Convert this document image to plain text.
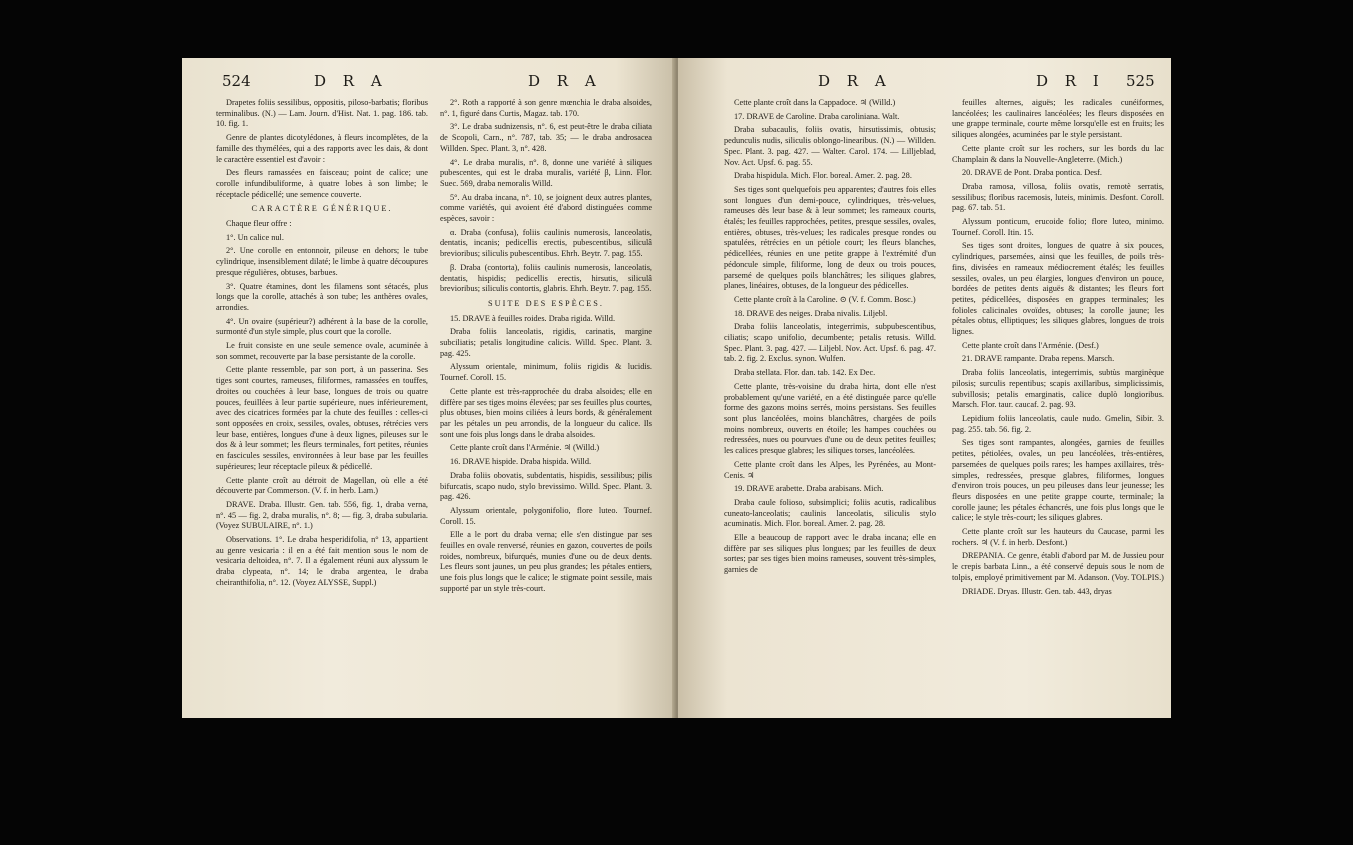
524	D R A	D R A

Drapetes foliis sessilibus, oppositis, piloso-barbatis; floribus terminalibus. (N.) — Lam. Journ. d'Hist. Nat. 1. pag. 186. tab. 10. fig. 1.

Genre de plantes dicotylédones, à fleurs incomplètes, de la famille des thymélées, qui a des rapports avec les dais, & dont le caractère essentiel est d'avoir :

Des fleurs ramassées en faisceau; point de calice; une corolle infundibuliforme, à quatre lobes à son limbe; le réceptacle pédicellé; une semence couverte.

CARACTÈRE GÉNÉRIQUE.

Chaque fleur offre :

1°. Un calice nul.

2°. Une corolle en entonnoir, pileuse en dehors; le tube cylindrique, insensiblement dilaté; le limbe à quatre découpures presque régulières, obtuses, barbues.

3°. Quatre étamines, dont les filamens sont sétacés, plus longs que la corolle, attachés à son tube; les anthères ovales, arrondies.

4°. Un ovaire (supérieur?) adhérent à la base de la corolle, surmonté d'un style simple, plus court que la corolle.

Le fruit consiste en une seule semence ovale, acuminée à son sommet, recouverte par la base persistante de la corolle.

Cette plante ressemble, par son port, à un passerina. Ses tiges sont courtes, rameuses, filiformes, ramassées en touffes, droites ou couchées à leur base, longues de trois ou quatre pouces, feuillées à leur partie supérieure, nues inférieurement, avec des cicatrices formées par la chute des feuilles : celles-ci sont opposées en croix, sessiles, ovales, obtuses, rétrécies vers leur base, entières, longues d'une à deux lignes, pileuses sur le dos & à leur sommet; les fleurs terminales, fort petites, réunies en fascicules sessiles, environnées à leur base par les feuilles supérieures; leur réceptacle pileux & pédicellé.

Cette plante croît au détroit de Magellan, où elle a été découverte par Commerson. (V. f. in herb. Lam.)

DRAVE. Draba. Illustr. Gen. tab. 556, fig. 1, draba verna, n°. 45 — fig. 2, draba muralis, n°. 8; — fig. 3, draba subularia. (Voyez SUBULAIRE, n°. 1.)

Observations. 1°. Le draba hesperidifolia, n° 13, appartient au genre vesicaria : il en a été fait mention sous le nom de vesicaria deltoidea, n°. 7. Il a également réuni aux alyssum le draba clypeata, n°. 14; le draba argentea, le draba cheiranthifolia, n°. 12. (Voyez ALYSSE, Suppl.)

2°. Roth a rapporté à son genre mœnchia le draba alsoides, n°. 1, figuré dans Curtis, Magaz. tab. 170.

3°. Le draba sudnizensis, n°. 6, est peut-être le draba ciliata de Scopoli, Carn., n°. 787, tab. 35; — le draba androsacea Willden. Spec. Plant. 3, n°. 428.

4°. Le draba muralis, n°. 8, donne une variété à siliques pubescentes, qui est le draba muralis, variété β, Linn. Flor. Suec. 569, draba nemoralis Willd.

5°. Au draba incana, n°. 10, se joignent deux autres plantes, comme variétés, qui avoient été d'abord distinguées comme espèces, savoir :

α. Draba (confusa), foliis caulinis numerosis, lanceolatis, dentatis, incanis; pedicellis erectis, pubescentibus, siliculâ brevioribus; siliculis pubescentibus. Ehrh. Beytr. 7. pag. 155.

β. Draba (contorta), foliis caulinis numerosis, lanceolatis, dentatis, hispidis; pedicellis erectis, hirsutis, siliculâ brevioribus; siliculis contortis, glabris. Ehrh. Beytr. 7. pag. 155.

SUITE DES ESPÈCES.

15. DRAVE à feuilles roides. Draba rigida. Willd.

Draba foliis lanceolatis, rigidis, carinatis, margine subciliatis; petalis longitudine calicis. Willd. Spec. Plant. 3. pag. 425.

Alyssum orientale, minimum, foliis rigidis & lucidis. Tournef. Coroll. 15.

Cette plante est très-rapprochée du draba alsoides; elle en diffère par ses tiges moins élevées; par ses feuilles plus courtes, plus obtuses, bien moins ciliées à leurs bords, & généralement par les pétales un peu arrondis, de la longueur du calice. Ils sont une fois plus longs dans le draba alsoides.

Cette plante croît dans l'Arménie. ♃ (Willd.)

16. DRAVE hispide. Draba hispida. Willd.

Draba foliis obovatis, subdentatis, hispidis, sessilibus; pilis bifurcatis, scapo nudo, stylo brevissimo. Willd. Spec. Plant. 3. pag. 426.

Alyssum orientale, polygonifolio, flore luteo. Tournef. Coroll. 15.

Elle a le port du draba verna; elle s'en distingue par ses feuilles en ovale renversé, réunies en gazon, couvertes de poils roides, nombreux, bifurqués, munies d'une ou de deux dents. Les fleurs sont jaunes, un peu plus grandes; les pétales entiers, une fois plus longs que le calice; le stigmate point sessile, mais supporté par un style très-court.

D R A	D R I 525

Cette plante croît dans la Cappadoce. ♃ (Willd.)

17. DRAVE de Caroline. Draba caroliniana. Walt.

Draba subacaulis, foliis ovatis, hirsutissimis, obtusis; pedunculis nudis, siliculis oblongo-linearibus. (N.) — Willden. Spec. Plant. 3. pag. 427. — Walter. Carol. 174. — Lilljeblad, Nov. Act. Upsf. 6. pag. 55.

Draba hispidula. Mich. Flor. boreal. Amer. 2. pag. 28.

Ses tiges sont quelquefois peu apparentes; d'autres fois elles sont longues d'un demi-pouce, cylindriques, très-velues, rameuses dès leur base & à leur sommet; les rameaux courts, étalés; les feuilles rapprochées, petites, presque sessiles, ovales, entières, obtuses, très-velues; les radicales presque rondes ou spatulées, rétrécies en un pétiole court; les fleurs blanches, pédicellées, réunies en une petite grappe à l'extrémité d'un pédoncule simple, filiforme, long de deux ou trois pouces, parsemé de quelques poils blanchâtres; les siliques glabres, planes, linéaires, obtuses, de la longueur des pédicelles.

Cette plante croît à la Caroline. ⊙ (V. f. Comm. Bosc.)

18. DRAVE des neiges. Draba nivalis. Liljebl.

Draba foliis lanceolatis, integerrimis, subpubescentibus, ciliatis; scapo unifolio, decumbente; petalis retusis. Willd. Spec. Plant. 3. pag. 427. — Liljebl. Nov. Act. Upsf. 6. pag. 47. tab. 2. fig. 2. Exclus. synon. Wulfen.

Draba stellata. Flor. dan. tab. 142. Ex Dec.

Cette plante, très-voisine du draba hirta, dont elle n'est probablement qu'une variété, en a été distinguée parce qu'elle forme des gazons moins serrés, moins persistans. Ses feuilles sont plus lancéolées, moins blanchâtres, chargées de poils moins nombreux, ouverts en étoile; les hampes couchées ou redressées, nues ou pourvues d'une ou de deux petites feuilles; les calices presque glabres; les siliques torses, lancéolées.

Cette plante croît dans les Alpes, les Pyrénées, au Mont-Cenis. ♃

19. DRAVE arabette. Draba arabisans. Mich.

Draba caule folioso, subsimplici; foliis acutis, radicalibus cuneato-lanceolatis; caulinis lanceolatis, siliculis stylo acuminatis. Mich. Flor. boreal. Amer. 2. pag. 28.

Elle a beaucoup de rapport avec le draba incana; elle en diffère par ses siliques plus longues; par les feuilles de deux sortes; par ses tiges bien moins rameuses, souvent très-simples, garnies de

feuilles alternes, aiguës; les radicales cunéiformes, lancéolées; les caulinaires lancéolées; les fleurs disposées en une grappe terminale, courte même lorsqu'elle est en fruits; les siliques alongées, acuminées par le style persistant.

Cette plante croît sur les rochers, sur les bords du lac Champlain & dans la Nouvelle-Angleterre. (Mich.)

20. DRAVE de Pont. Draba pontica. Desf.

Draba ramosa, villosa, foliis ovatis, remotè serratis, sessilibus; floribus racemosis, luteis, minimis. Desfont. Coroll. pag. 67. tab. 51.

Alyssum ponticum, erucoide folio; flore luteo, minimo. Tournef. Coroll. Itin. 15.

Ses tiges sont droites, longues de quatre à six pouces, cylindriques, parsemées, ainsi que les feuilles, de poils très-fins, divisées en rameaux médiocrement étalés; les feuilles sessiles, ovales, un peu élargies, longues d'environ un pouce, bordées de petites dents aiguës & distantes; les fleurs fort petites, pédicellées, disposées en grappes terminales; les folioles calicinales ovoïdes, obtuses; la corolle jaune; les pétales obtus, elliptiques; les siliques glabres, longues de trois lignes.

Cette plante croît dans l'Arménie. (Desf.)

21. DRAVE rampante. Draba repens. Marsch.

Draba foliis lanceolatis, integerrimis, subtùs marginèque pilosis; surculis repentibus; scapis axillaribus, simplicissimis, subvillosis; petalis emarginatis, calice duplò longioribus. Marsch. Flor. taur. caucaf. 2. pag. 93.

Lepidium foliis lanceolatis, caule nudo. Gmelin, Sibir. 3. pag. 255. tab. 56. fig. 2.

Ses tiges sont rampantes, alongées, garnies de feuilles petites, pétiolées, ovales, un peu lancéolées, très-entières, parsemées de quelques poils rares; les hampes axillaires, très-simples, redressées, presque glabres, filiformes, longues d'environ trois pouces, un peu pileuses dans leur jeunesse; les fleurs disposées en une petite grappe courte, terminale; la corolle jaune; les pétales échancrés, une fois plus longs que le calice; le style très-court; les siliques glabres.

Cette plante croît sur les hauteurs du Caucase, parmi les rochers. ♃ (V. f. in herb. Desfont.)

DREPANIA. Ce genre, établi d'abord par M. de Jussieu pour le crepis barbata Linn., a été conservé depuis sous le nom de tolpis, employé primitivement par M. Adanson. (Voy. TOLPIS.)

DRIADE. Dryas. Illustr. Gen. tab. 443, dryas
